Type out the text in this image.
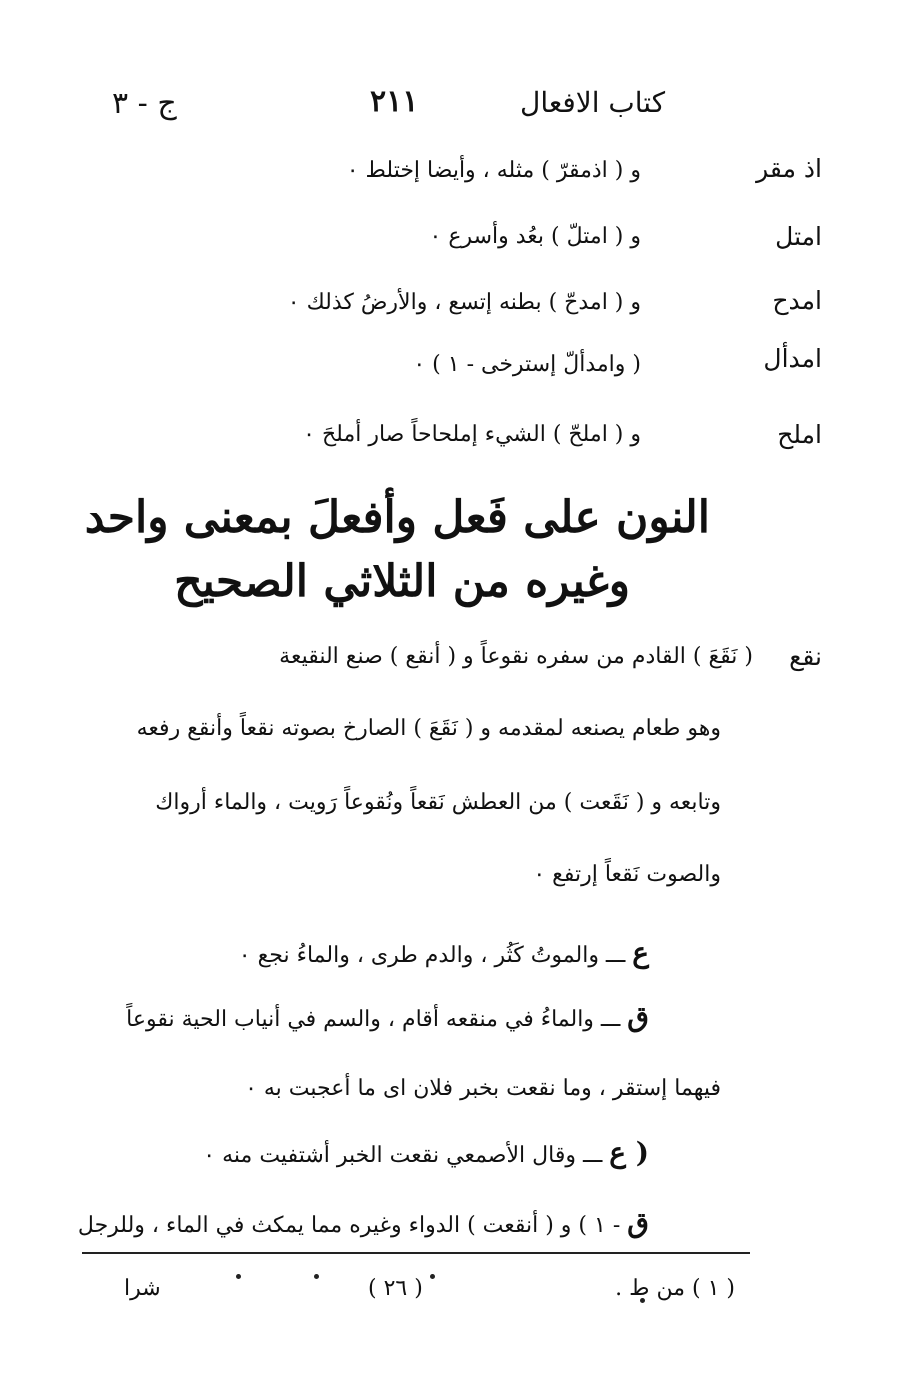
كتاب الافعال
٢١١
ج - ٣
اذ مقر
و ( اذمقرّ ) مثله ، وأيضا إختلط ٠
امتل
و ( امتلّ ) بعُد وأسرع ٠
امدح
و ( امدحّ ) بطنه إتسع ، والأرضُ كذلك ٠
امدأل
( وامدألّ إسترخى - ١ ) ٠
املح
و ( املحّ ) الشيء إملحاحاً صار أملحَ ٠
النون على فَعل وأفعلَ بمعنى واحد
وغيره من الثلاثي الصحيح
نقع
( نَقَعَ ) القادم من سفره نقوعاً و ( أنقع ) صنع النقيعة
وهو طعام يصنعه لمقدمه و ( نَقَعَ ) الصارخ بصوته نقعاً وأنقع رفعه
وتابعه و ( نَقَعت ) من العطش نَقعاً ونُقوعاً رَويت ، والماء أرواك
والصوت نَقعاً إرتفع ٠
ع ـــ والموتُ كَثُر ، والدم طرى ، والماءُ نجع ٠
ق ـــ والماءُ في منقعه أقام ، والسم في أنياب الحية نقوعاً
فيهما إستقر ، وما نقعت بخبر فلان اى ما أعجبت به ٠
( ع ـــ وقال الأصمعي نقعت الخبر أشتفيت منه ٠
ق - ١ ) و ( أنقعت ) الدواء وغيره مما يمكث في الماء ، وللرجل
( ١ ) من ط .
( ٢٦ )
شرا
